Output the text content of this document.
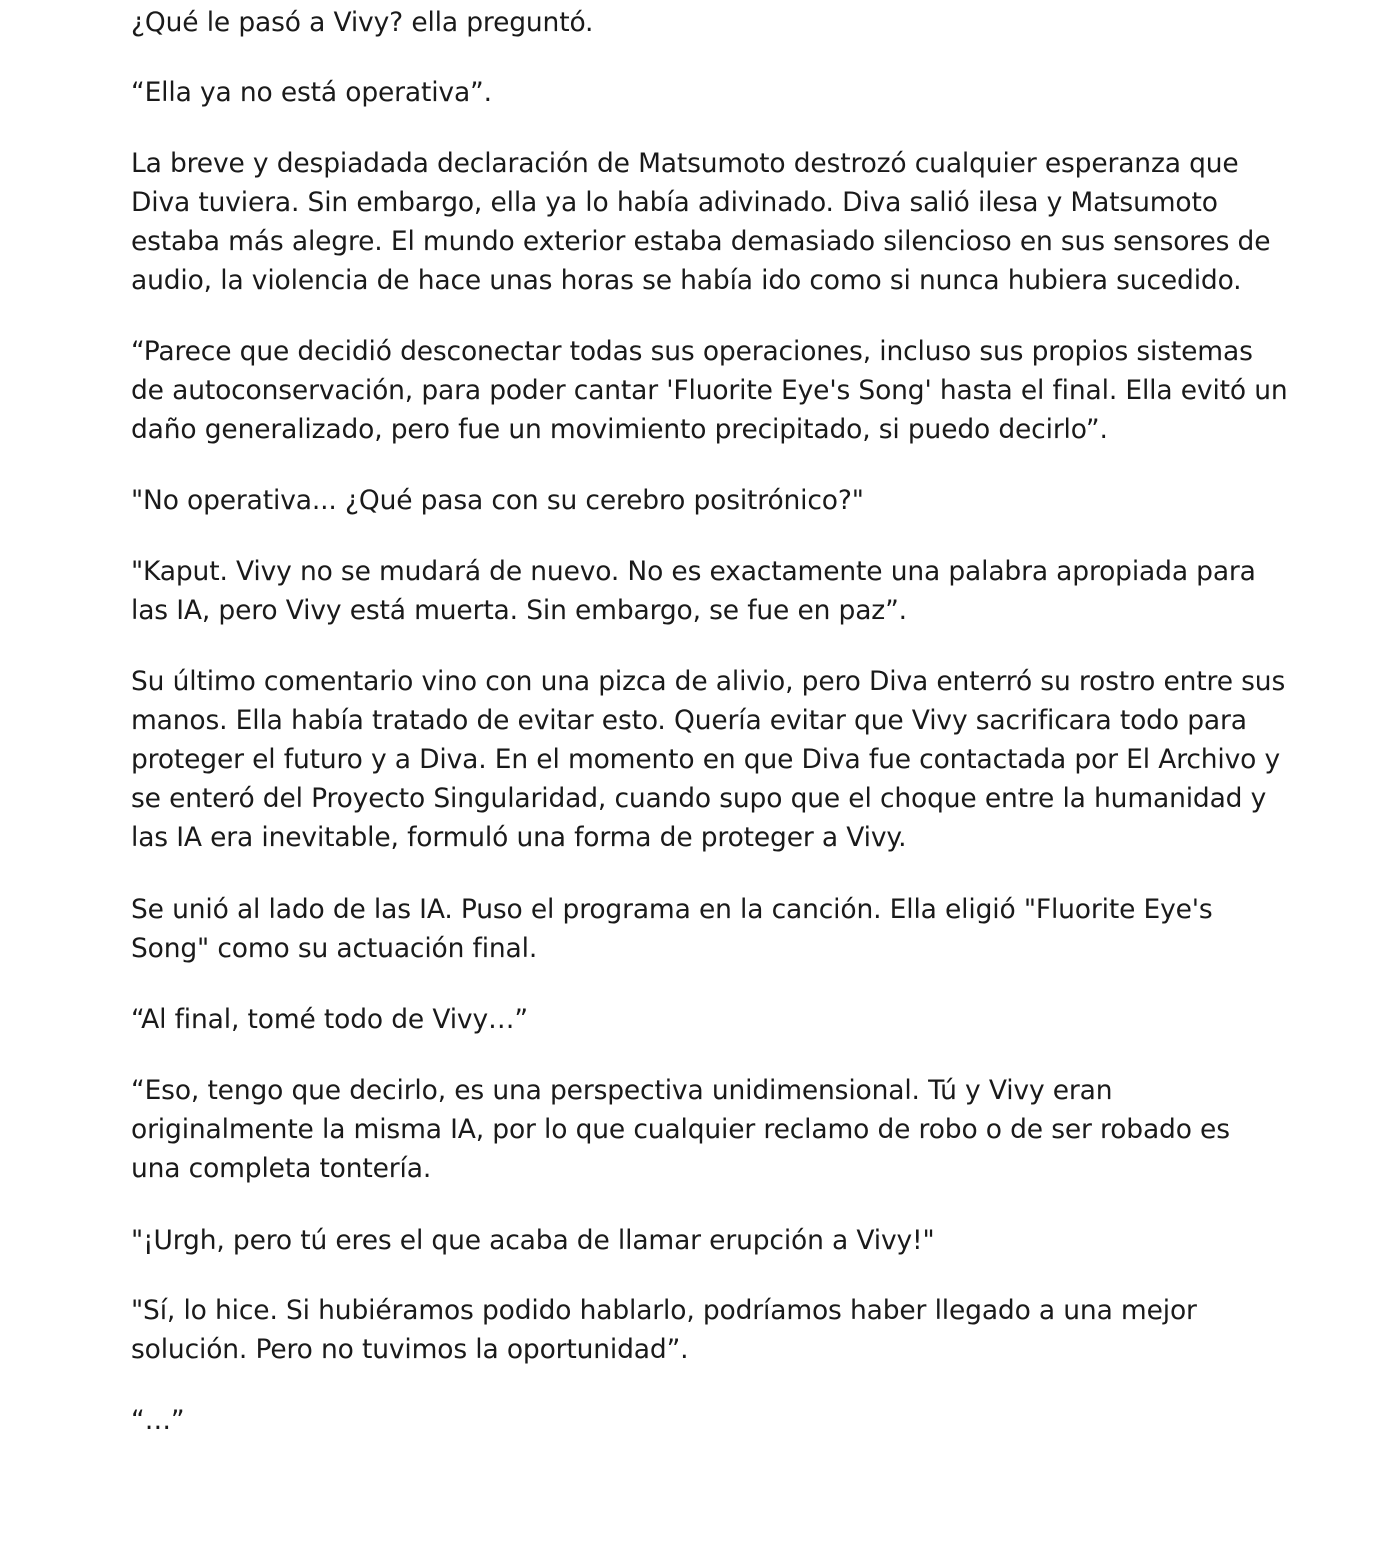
¿Qué le pasó a Vivy? ella preguntó.
“Ella ya no está operativa”.
La breve y despiadada declaración de Matsumoto destrozó cualquier esperanza que
Diva tuviera. Sin embargo, ella ya lo había adivinado. Diva salió ilesa y Matsumoto
estaba más alegre. El mundo exterior estaba demasiado silencioso en sus sensores de
audio, la violencia de hace unas horas se había ido como si nunca hubiera sucedido.
“Parece que decidió desconectar todas sus operaciones, incluso sus propios sistemas
de autoconservación, para poder cantar 'Fluorite Eye's Song' hasta el final. Ella evitó un
daño generalizado, pero fue un movimiento precipitado, si puedo decirlo”.
"No operativa... ¿Qué pasa con su cerebro positrónico?"
"Kaput. Vivy no se mudará de nuevo. No es exactamente una palabra apropiada para
las IA, pero Vivy está muerta. Sin embargo, se fue en paz”.
Su último comentario vino con una pizca de alivio, pero Diva enterró su rostro entre sus
manos. Ella había tratado de evitar esto. Quería evitar que Vivy sacrificara todo para
proteger el futuro y a Diva. En el momento en que Diva fue contactada por El Archivo y
se enteró del Proyecto Singularidad, cuando supo que el choque entre la humanidad y
las IA era inevitable, formuló una forma de proteger a Vivy.
Se unió al lado de las IA. Puso el programa en la canción. Ella eligió "Fluorite Eye's
Song" como su actuación final.
“Al final, tomé todo de Vivy…”
“Eso, tengo que decirlo, es una perspectiva unidimensional. Tú y Vivy eran
originalmente la misma IA, por lo que cualquier reclamo de robo o de ser robado es
una completa tontería.
"¡Urgh, pero tú eres el que acaba de llamar erupción a Vivy!"
"Sí, lo hice. Si hubiéramos podido hablarlo, podríamos haber llegado a una mejor
solución. Pero no tuvimos la oportunidad”.
“…”
